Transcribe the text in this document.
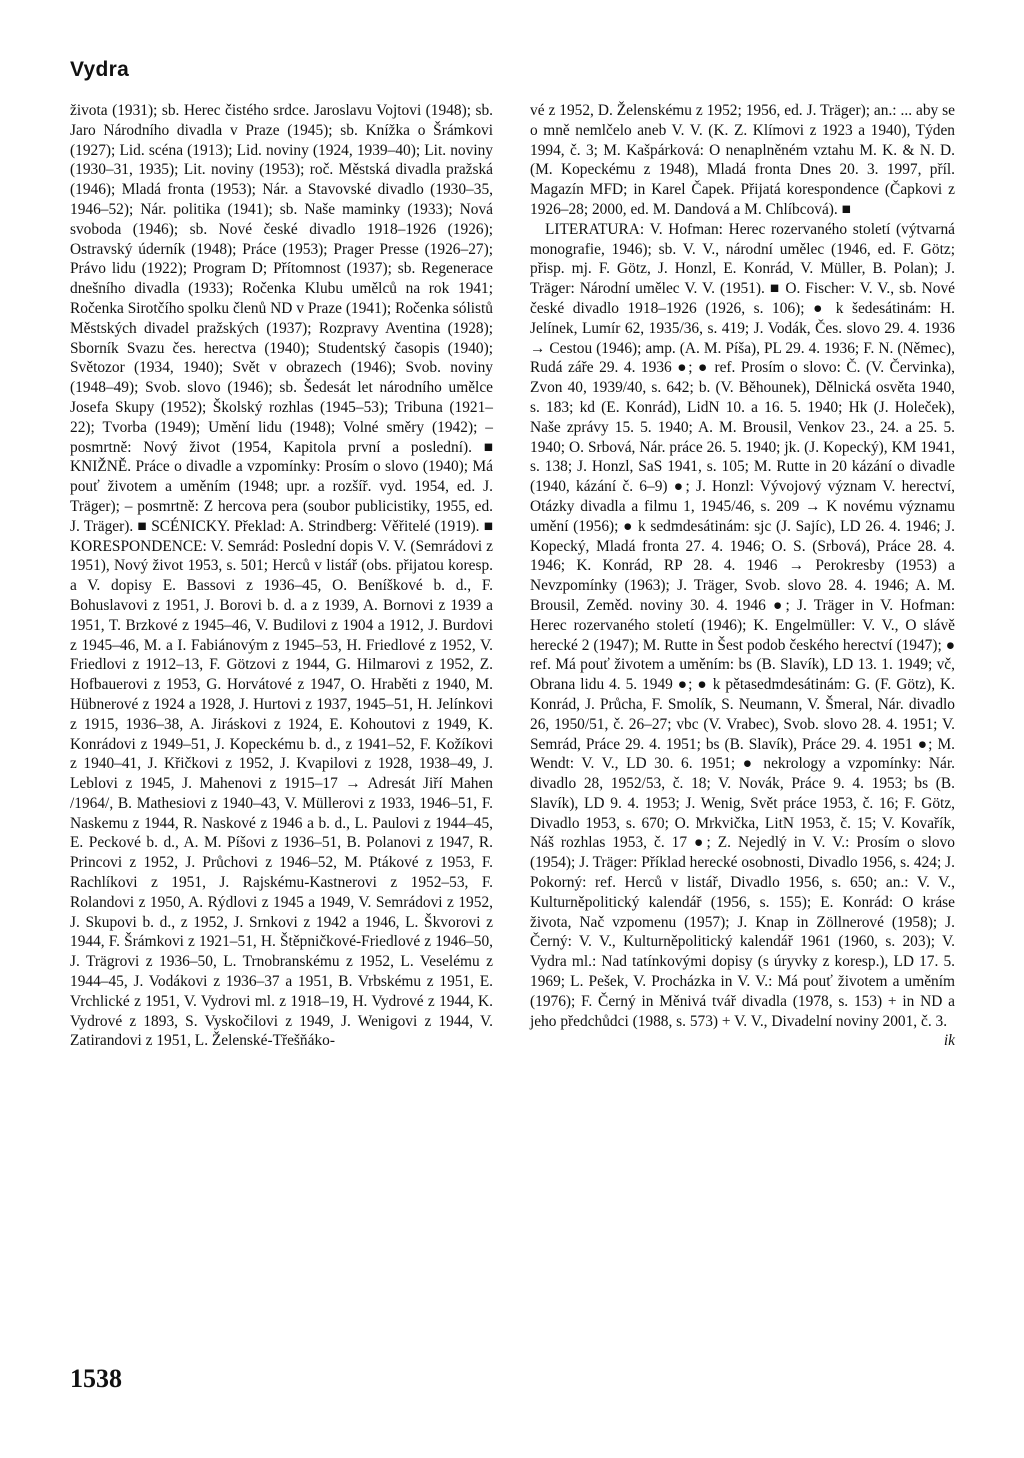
Vydra

života (1931); sb. Herec čistého srdce. Jaroslavu Vojtovi (1948); sb. Jaro Národního divadla v Praze (1945); sb. Knížka o Šrámkovi (1927); Lid. scéna (1913); Lid. noviny (1924, 1939–40); Lit. noviny (1930–31, 1935); Lit. noviny (1953); roč. Městská divadla pražská (1946); Mladá fronta (1953); Nár. a Stavovské divadlo (1930–35, 1946–52); Nár. politika (1941); sb. Naše maminky (1933); Nová svoboda (1946); sb. Nové české divadlo 1918–1926 (1926); Ostravský úderník (1948); Práce (1953); Prager Presse (1926–27); Právo lidu (1922); Program D; Přítomnost (1937); sb. Regenerace dnešního divadla (1933); Ročenka Klubu umělců na rok 1941; Ročenka Sirotčího spolku členů ND v Praze (1941); Ročenka sólistů Městských divadel pražských (1937); Rozpravy Aventina (1928); Sborník Svazu čes. herectva (1940); Studentský časopis (1940); Světozor (1934, 1940); Svět v obrazech (1946); Svob. noviny (1948–49); Svob. slovo (1946); sb. Šedesát let národního umělce Josefa Skupy (1952); Školský rozhlas (1945–53); Tribuna (1921–22); Tvorba (1949); Umění lidu (1948); Volné směry (1942); – posmrtně: Nový život (1954, Kapitola první a poslední). ■ KNIŽNĚ. Práce o divadle a vzpomínky: Prosím o slovo (1940); Má pouť životem a uměním (1948; upr. a rozšíř. vyd. 1954, ed. J. Träger); – posmrtně: Z hercova pera (soubor publicistiky, 1955, ed. J. Träger). ■ SCÉNICKY. Překlad: A. Strindberg: Věřitelé (1919). ■ KORESPONDENCE: V. Semrád: Poslední dopis V. V. (Semrádovi z 1951), Nový život 1953, s. 501; Herců v listář (obs. přijatou koresp. a V. dopisy E. Bassovi z 1936–45, O. Beníškové b. d., F. Bohuslavovi z 1951, J. Borovi b. d. a z 1939, A. Bornovi z 1939 a 1951, T. Brzkové z 1945–46, V. Budilovi z 1904 a 1912, J. Burdovi z 1945–46, M. a I. Fabiánovým z 1945–53, H. Friedlové z 1952, V. Friedlovi z 1912–13, F. Götzovi z 1944, G. Hilmarovi z 1952, Z. Hofbauerovi z 1953, G. Horvátové z 1947, O. Hraběti z 1940, M. Hübnerové z 1924 a 1928, J. Hurtovi z 1937, 1945–51, H. Jelínkovi z 1915, 1936–38, A. Jiráskovi z 1924, E. Kohoutovi z 1949, K. Konrádovi z 1949–51, J. Kopeckému b. d., z 1941–52, F. Kožíkovi z 1940–41, J. Křičkovi z 1952, J. Kvapilovi z 1928, 1938–49, J. Leblovi z 1945, J. Mahenovi z 1915–17 → Adresát Jiří Mahen /1964/, B. Mathesiovi z 1940–43, V. Müllerovi z 1933, 1946–51, F. Naskemu z 1944, R. Naskové z 1946 a b. d., L. Paulovi z 1944–45, E. Peckové b. d., A. M. Píšovi z 1936–51, B. Polanovi z 1947, R. Princovi z 1952, J. Průchovi z 1946–52, M. Ptákové z 1953, F. Rachlíkovi z 1951, J. Rajskému-Kastnerovi z 1952–53, F. Rolandovi z 1950, A. Rýdlovi z 1945 a 1949, V. Semrádovi z 1952, J. Skupovi b. d., z 1952, J. Srnkovi z 1942 a 1946, L. Škvorovi z 1944, F. Šrámkovi z 1921–51, H. Štěpničkové-Friedlové z 1946–50, J. Trägrovi z 1936–50, L. Trnobranskému z 1952, L. Veselému z 1944–45, J. Vodákovi z 1936–37 a 1951, B. Vrbskému z 1951, E. Vrchlické z 1951, V. Vydrovi ml. z 1918–19, H. Vydrové z 1944, K. Vydrové z 1893, S. Vyskočilovi z 1949, J. Wenigovi z 1944, V. Zatirandovi z 1951, L. Želenské-Třešňáko-

vé z 1952, D. Želenskému z 1952; 1956, ed. J. Träger); an.: ... aby se o mně nemlčelo aneb V. V. (K. Z. Klímovi z 1923 a 1940), Týden 1994, č. 3; M. Kašpárková: O nenaplněném vztahu M. K. & N. D. (M. Kopeckému z 1948), Mladá fronta Dnes 20. 3. 1997, příl. Magazín MFD; in Karel Čapek. Přijatá korespondence (Čapkovi z 1926–28; 2000, ed. M. Dandová a M. Chlíbcová). ■

LITERATURA: V. Hofman: Herec rozervaného století (výtvarná monografie, 1946); sb. V. V., národní umělec (1946, ed. F. Götz; přisp. mj. F. Götz, J. Honzl, E. Konrád, V. Müller, B. Polan); J. Träger: Národní umělec V. V. (1951). ■ O. Fischer: V. V., sb. Nové české divadlo 1918–1926 (1926, s. 106); ● k šedesátinám: H. Jelínek, Lumír 62, 1935/36, s. 419; J. Vodák, Čes. slovo 29. 4. 1936 → Cestou (1946); amp. (A. M. Píša), PL 29. 4. 1936; F. N. (Němec), Rudá záře 29. 4. 1936 ●; ● ref. Prosím o slovo: Č. (V. Červinka), Zvon 40, 1939/40, s. 642; b. (V. Běhounek), Dělnická osvěta 1940, s. 183; kd (E. Konrád), LidN 10. a 16. 5. 1940; Hk (J. Holeček), Naše zprávy 15. 5. 1940; A. M. Brousil, Venkov 23., 24. a 25. 5. 1940; O. Srbová, Nár. práce 26. 5. 1940; jk. (J. Kopecký), KM 1941, s. 138; J. Honzl, SaS 1941, s. 105; M. Rutte in 20 kázání o divadle (1940, kázání č. 6–9) ●; J. Honzl: Vývojový význam V. herectví, Otázky divadla a filmu 1, 1945/46, s. 209 → K novému významu umění (1956); ● k sedmdesátinám: sjc (J. Sajíc), LD 26. 4. 1946; J. Kopecký, Mladá fronta 27. 4. 1946; O. S. (Srbová), Práce 28. 4. 1946; K. Konrád, RP 28. 4. 1946 → Perokresby (1953) a Nevzpomínky (1963); J. Träger, Svob. slovo 28. 4. 1946; A. M. Brousil, Zeměd. noviny 30. 4. 1946 ●; J. Träger in V. Hofman: Herec rozervaného století (1946); K. Engelmüller: V. V., O slávě herecké 2 (1947); M. Rutte in Šest podob českého herectví (1947); ● ref. Má pouť životem a uměním: bs (B. Slavík), LD 13. 1. 1949; vč, Obrana lidu 4. 5. 1949 ●; ● k pětasedmdesátinám: G. (F. Götz), K. Konrád, J. Průcha, F. Smolík, S. Neumann, V. Šmeral, Nár. divadlo 26, 1950/51, č. 26–27; vbc (V. Vrabec), Svob. slovo 28. 4. 1951; V. Semrád, Práce 29. 4. 1951; bs (B. Slavík), Práce 29. 4. 1951 ●; M. Wendt: V. V., LD 30. 6. 1951; ● nekrology a vzpomínky: Nár. divadlo 28, 1952/53, č. 18; V. Novák, Práce 9. 4. 1953; bs (B. Slavík), LD 9. 4. 1953; J. Wenig, Svět práce 1953, č. 16; F. Götz, Divadlo 1953, s. 670; O. Mrkvička, LitN 1953, č. 15; V. Kovařík, Náš rozhlas 1953, č. 17 ●; Z. Nejedlý in V. V.: Prosím o slovo (1954); J. Träger: Příklad herecké osobnosti, Divadlo 1956, s. 424; J. Pokorný: ref. Herců v listář, Divadlo 1956, s. 650; an.: V. V., Kulturněpolitický kalendář (1956, s. 155); E. Konrád: O kráse života, Nač vzpomenu (1957); J. Knap in Zöllnerové (1958); J. Černý: V. V., Kulturněpolitický kalendář 1961 (1960, s. 203); V. Vydra ml.: Nad tatínkovými dopisy (s úryvky z koresp.), LD 17. 5. 1969; L. Pešek, V. Procházka in V. V.: Má pouť životem a uměním (1976); F. Černý in Měnivá tvář divadla (1978, s. 153) + in ND a jeho předchůdci (1988, s. 573) + V. V., Divadelní noviny 2001, č. 3.

ik
1538
